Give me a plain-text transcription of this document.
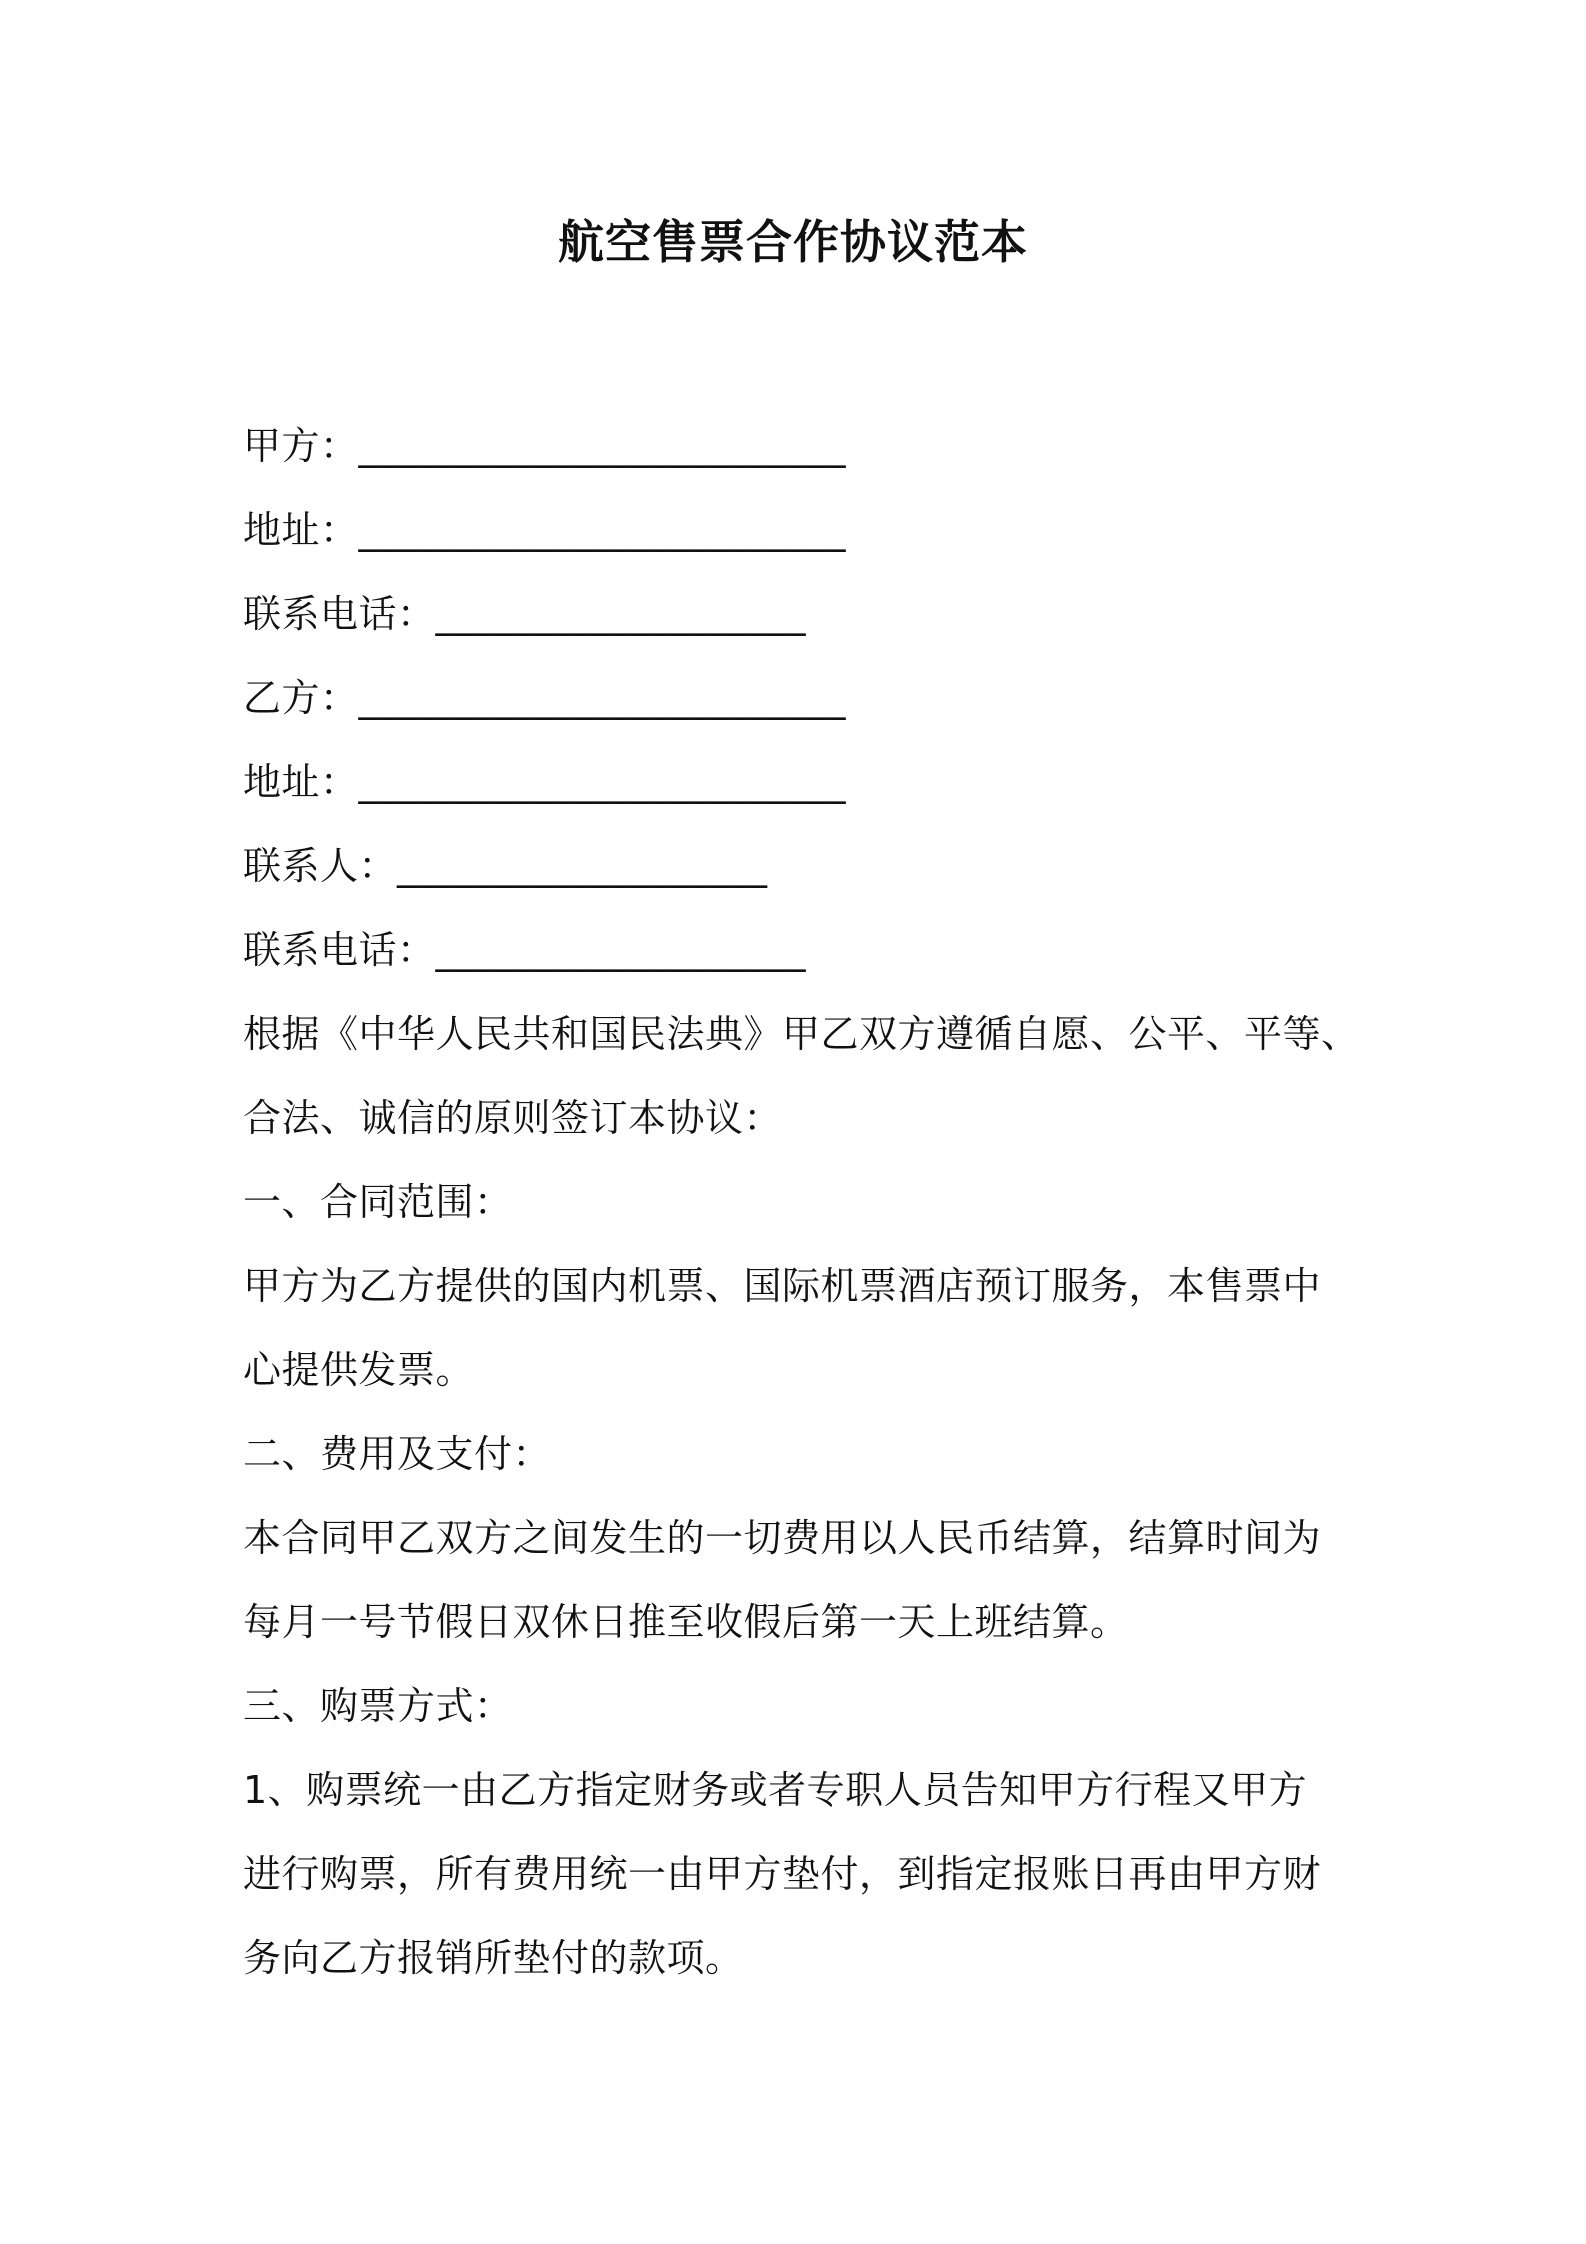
航空售票合作协议范本
甲方：_________________________
地址：_________________________
联系电话：___________________
乙方：_________________________
地址：_________________________
联系人：___________________
联系电话：___________________
根据《中华人民共和国民法典》甲乙双方遵循自愿、公平、平等、
合法、诚信的原则签订本协议：
一、合同范围：
甲方为乙方提供的国内机票、国际机票酒店预订服务，本售票中
心提供发票。
二、费用及支付：
本合同甲乙双方之间发生的一切费用以人民币结算，结算时间为
每月一号节假日双休日推至收假后第一天上班结算。
三、购票方式：
1、购票统一由乙方指定财务或者专职人员告知甲方行程又甲方
进行购票，所有费用统一由甲方垫付，到指定报账日再由甲方财
务向乙方报销所垫付的款项。
